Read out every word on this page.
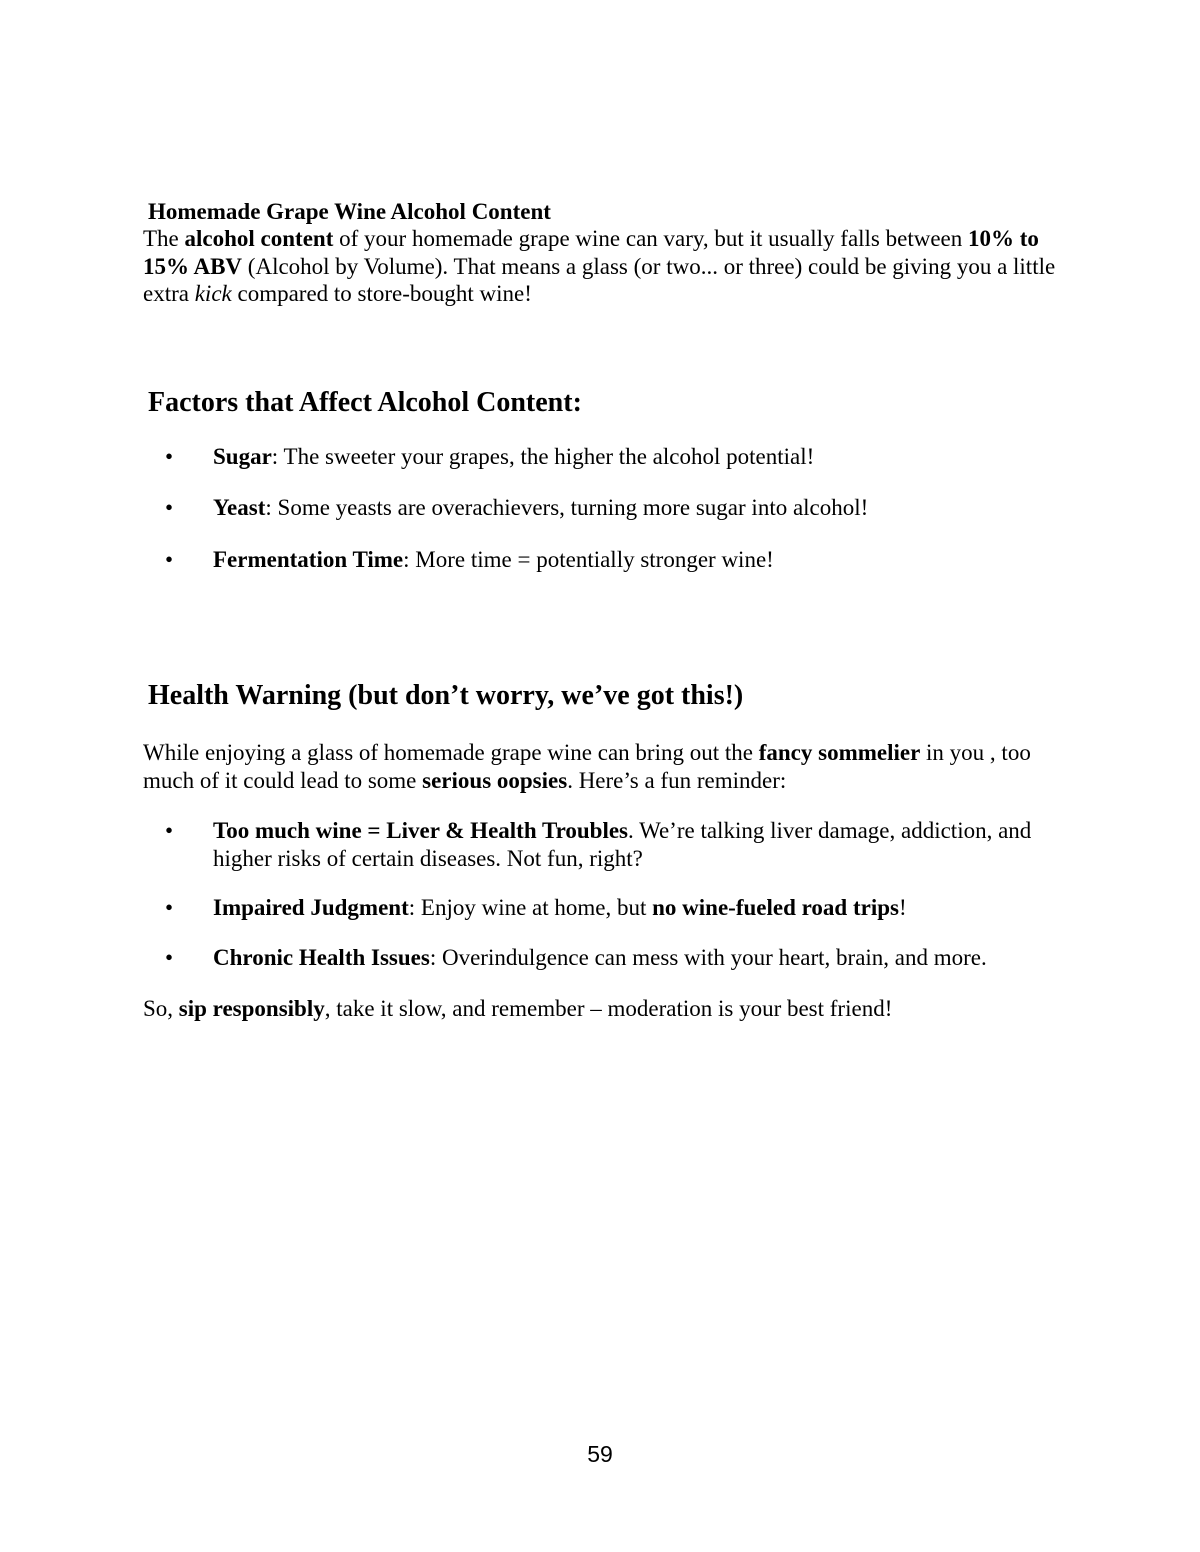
Homemade Grape Wine Alcohol Content
The alcohol content of your homemade grape wine can vary, but it usually falls between 10% to 15% ABV (Alcohol by Volume). That means a glass (or two... or three) could be giving you a little extra kick compared to store-bought wine!
Factors that Affect Alcohol Content:
• Sugar: The sweeter your grapes, the higher the alcohol potential!
• Yeast: Some yeasts are overachievers, turning more sugar into alcohol!
• Fermentation Time: More time = potentially stronger wine!
Health Warning (but don’t worry, we’ve got this!)
While enjoying a glass of homemade grape wine can bring out the fancy sommelier in you , too much of it could lead to some serious oopsies. Here’s a fun reminder:
• Too much wine = Liver & Health Troubles. We’re talking liver damage, addiction, and higher risks of certain diseases. Not fun, right?
• Impaired Judgment: Enjoy wine at home, but no wine-fueled road trips!
• Chronic Health Issues: Overindulgence can mess with your heart, brain, and more.
So, sip responsibly, take it slow, and remember – moderation is your best friend!
59
